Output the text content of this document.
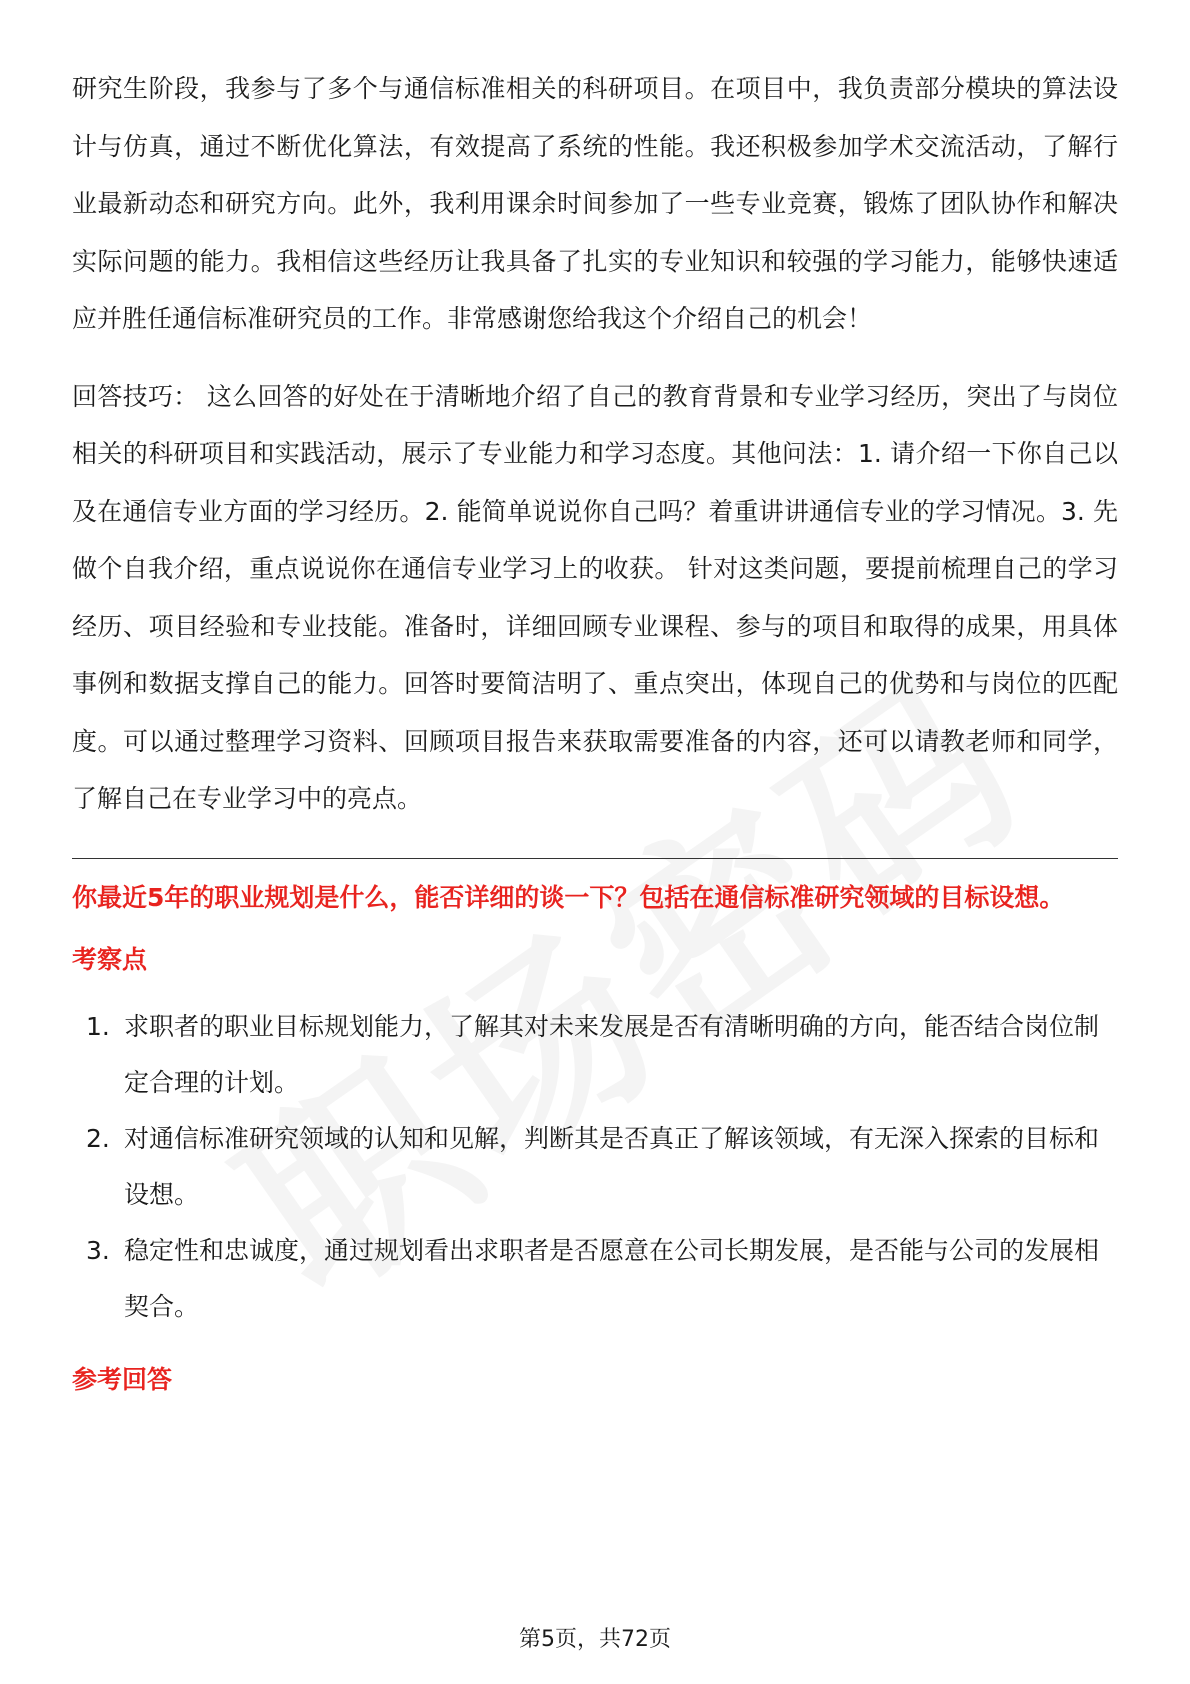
研究生阶段，我参与了多个与通信标准相关的科研项目。在项目中，我负责部分模块的算法设计与仿真，通过不断优化算法，有效提高了系统的性能。我还积极参加学术交流活动，了解行业最新动态和研究方向。此外，我利用课余时间参加了一些专业竞赛，锻炼了团队协作和解决实际问题的能力。我相信这些经历让我具备了扎实的专业知识和较强的学习能力，能够快速适应并胜任通信标准研究员的工作。非常感谢您给我这个介绍自己的机会！

回答技巧： 这么回答的好处在于清晰地介绍了自己的教育背景和专业学习经历，突出了与岗位相关的科研项目和实践活动，展示了专业能力和学习态度。其他问法：1. 请介绍一下你自己以及在通信专业方面的学习经历。2. 能简单说说你自己吗？着重讲讲通信专业的学习情况。3. 先做个自我介绍，重点说说你在通信专业学习上的收获。 针对这类问题，要提前梳理自己的学习经历、项目经验和专业技能。准备时，详细回顾专业课程、参与的项目和取得的成果，用具体事例和数据支撑自己的能力。回答时要简洁明了、重点突出，体现自己的优势和与岗位的匹配度。可以通过整理学习资料、回顾项目报告来获取需要准备的内容，还可以请教老师和同学，了解自己在专业学习中的亮点。

你最近5年的职业规划是什么，能否详细的谈一下？包括在通信标准研究领域的目标设想。

考察点

1. 求职者的职业目标规划能力，了解其对未来发展是否有清晰明确的方向，能否结合岗位制定合理的计划。
2. 对通信标准研究领域的认知和见解，判断其是否真正了解该领域，有无深入探索的目标和设想。
3. 稳定性和忠诚度，通过规划看出求职者是否愿意在公司长期发展，是否能与公司的发展相契合。

参考回答

第5页，共72页
